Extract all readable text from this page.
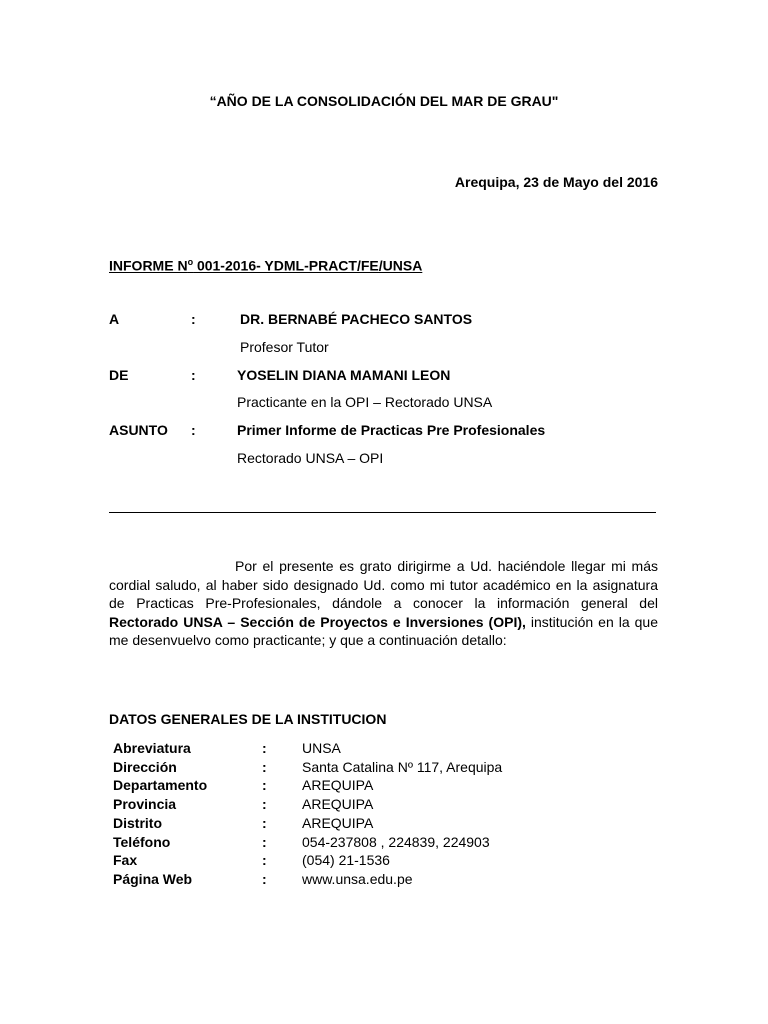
“AÑO DE LA CONSOLIDACIÓN DEL MAR DE GRAU"
Arequipa, 23 de Mayo del 2016
INFORME $N^o$ 001-2016- YDML-PRACT/FE/UNSA
A	:	DR. BERNABÉ PACHECO SANTOS
Profesor Tutor
DE	:	YOSELIN DIANA MAMANI LEON
Practicante en la OPI – Rectorado UNSA
ASUNTO :	Primer Informe de Practicas Pre Profesionales
Rectorado UNSA – OPI
Por el presente es grato dirigirme a Ud. haciéndole llegar mi más cordial saludo, al haber sido designado Ud. como mi tutor académico en la asignatura de Practicas Pre-Profesionales, dándole a conocer la información general del Rectorado UNSA – Sección de Proyectos e Inversiones (OPI), institución en la que me desenvuelvo como practicante; y que a continuación detallo:
DATOS GENERALES DE LA INSTITUCION
Abreviatura	:	UNSA
Dirección	:	Santa Catalina Nº 117, Arequipa
Departamento	:	AREQUIPA
Provincia	:	AREQUIPA
Distrito	:	AREQUIPA
Teléfono	:	054-237808 , 224839, 224903
Fax	:	(054) 21-1536
Página Web	:	www.unsa.edu.pe
